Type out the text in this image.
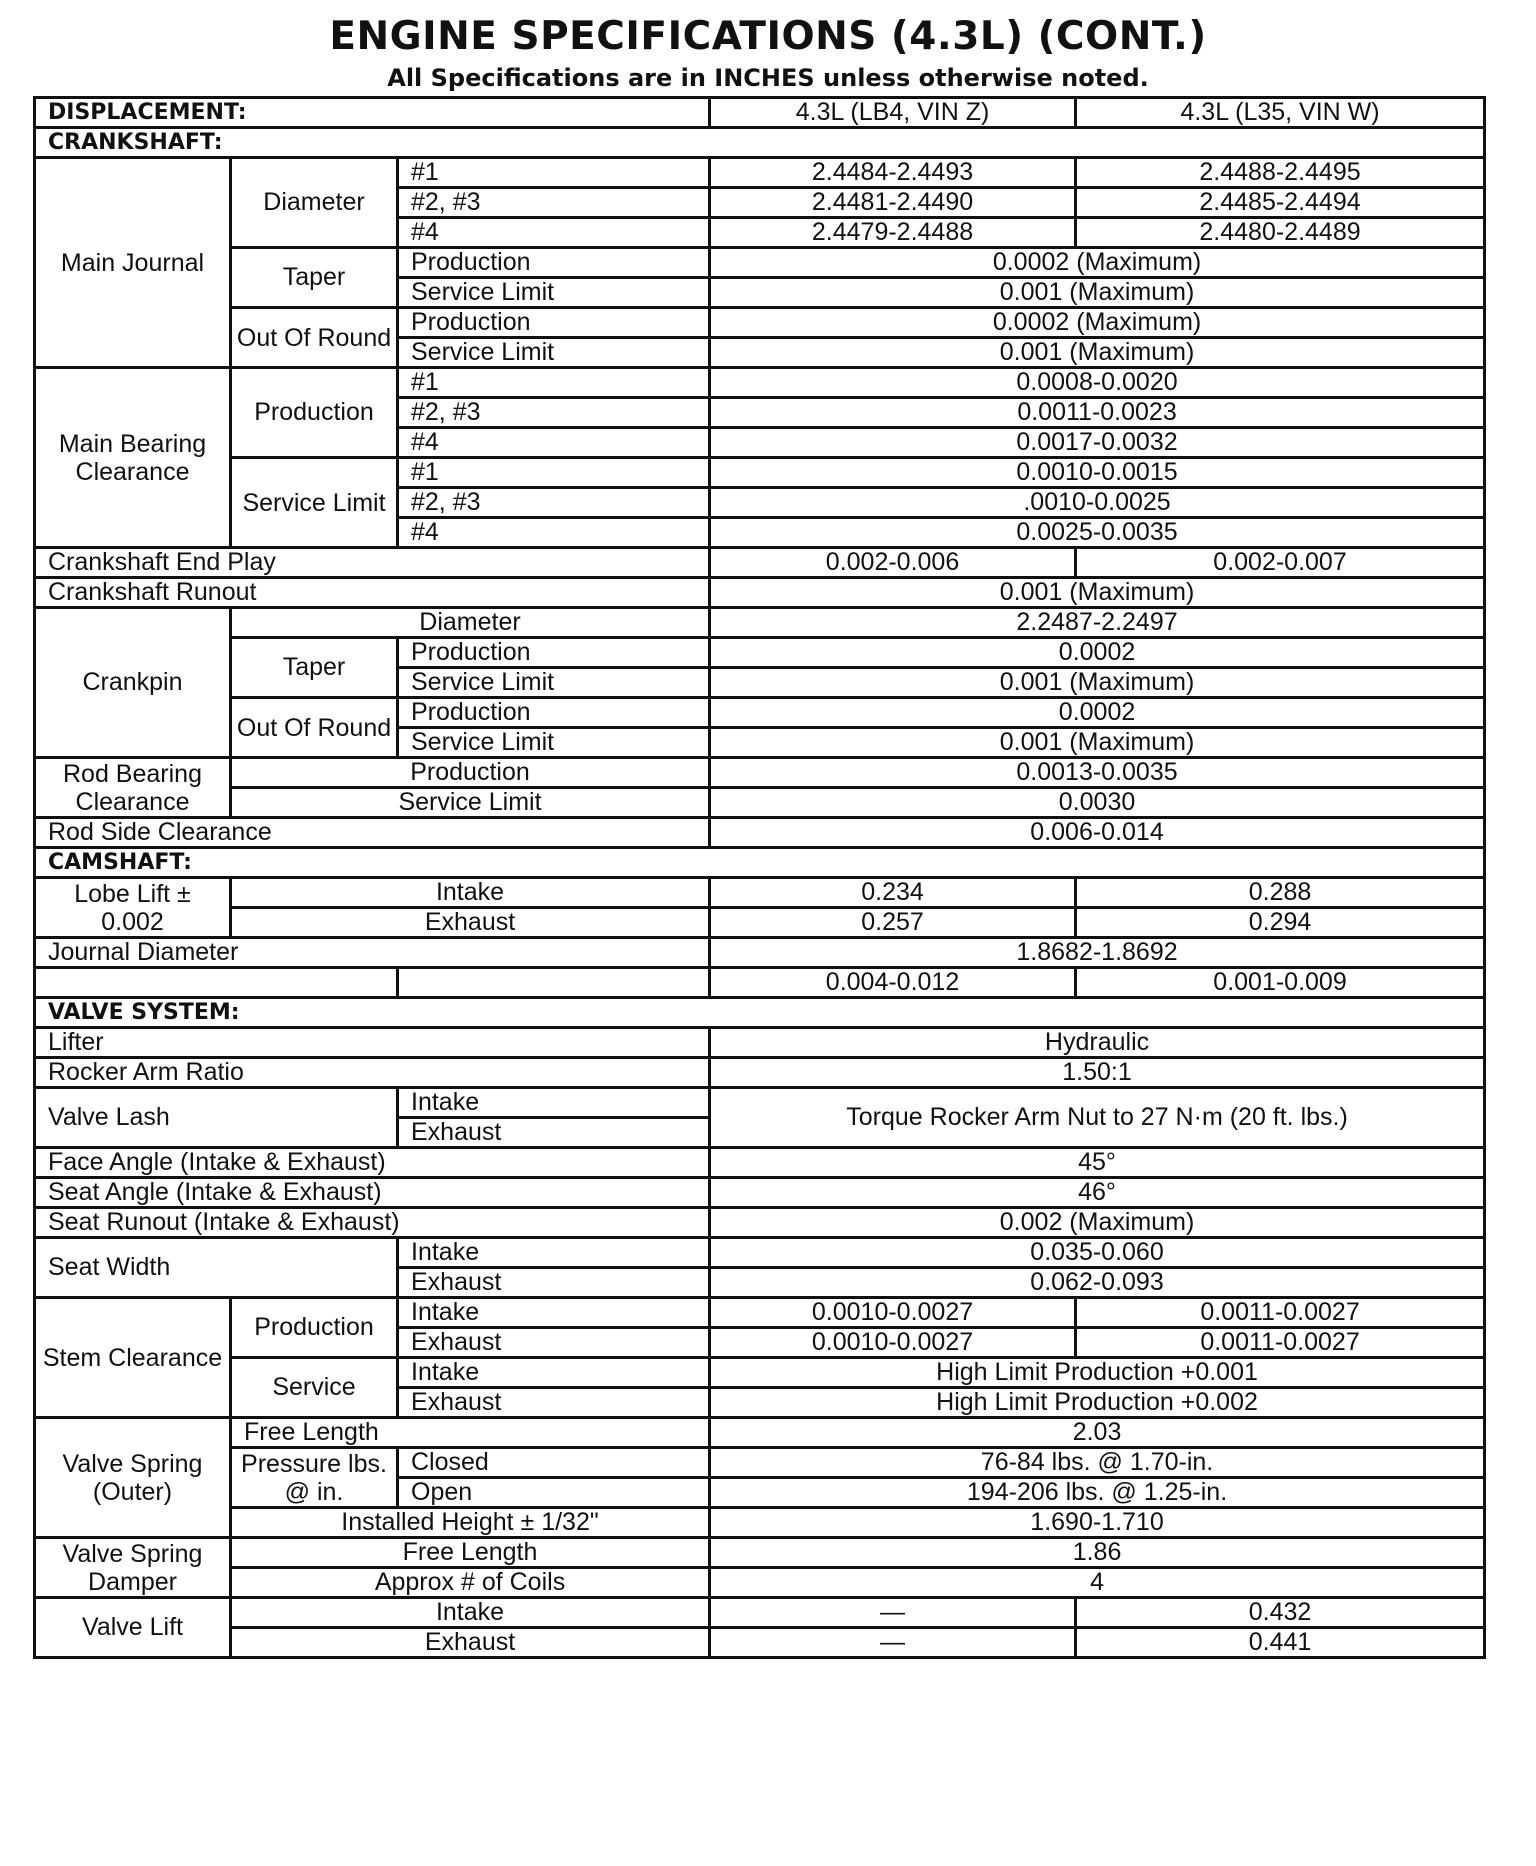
ENGINE SPECIFICATIONS (4.3L) (CONT.)
All Specifications are in INCHES unless otherwise noted.
DISPLACEMENT:			4.3L (LB4, VIN Z)	4.3L (L35, VIN W)
CRANKSHAFT:				
Main Journal	Diameter	#1	2.4484-2.4493	2.4488-2.4495
		#2, #3	2.4481-2.4490	2.4485-2.4494
		#4	2.4479-2.4488	2.4480-2.4489
	Taper	Production	0.0002 (Maximum)	
		Service Limit	0.001 (Maximum)	
	Out Of Round	Production	0.0002 (Maximum)	
		Service Limit	0.001 (Maximum)	
Main Bearing Clearance	Production	#1	0.0008-0.0020	
		#2, #3	0.0011-0.0023	
		#4	0.0017-0.0032	
	Service Limit	#1	0.0010-0.0015	
		#2, #3	.0010-0.0025	
		#4	0.0025-0.0035	
Crankshaft End Play			0.002-0.006	0.002-0.007
Crankshaft Runout			0.001 (Maximum)	
Crankpin	Diameter		2.2487-2.2497	
	Taper	Production	0.0002	
		Service Limit	0.001 (Maximum)	
	Out Of Round	Production	0.0002	
		Service Limit	0.001 (Maximum)	
Rod Bearing Clearance	Production		0.0013-0.0035	
	Service Limit		0.0030	
Rod Side Clearance			0.006-0.014	
CAMSHAFT:				
Lobe Lift ± 0.002	Intake		0.234	0.288
	Exhaust		0.257	0.294
Journal Diameter			1.8682-1.8692	
			0.004-0.012	0.001-0.009
VALVE SYSTEM:				
Lifter			Hydraulic	
Rocker Arm Ratio			1.50:1	
Valve Lash		Intake	Torque Rocker Arm Nut to 27 N·m (20 ft. lbs.)	
		Exhaust		
Face Angle (Intake & Exhaust)			45°	
Seat Angle (Intake & Exhaust)			46°	
Seat Runout (Intake & Exhaust)			0.002 (Maximum)	
Seat Width		Intake	0.035-0.060	
		Exhaust	0.062-0.093	
Stem Clearance	Production	Intake	0.0010-0.0027	0.0011-0.0027
		Exhaust	0.0010-0.0027	0.0011-0.0027
	Service	Intake	High Limit Production +0.001	
		Exhaust	High Limit Production +0.002	
Valve Spring (Outer)	Free Length		2.03	
	Pressure lbs. @ in.	Closed	76-84 lbs. @ 1.70-in.	
		Open	194-206 lbs. @ 1.25-in.	
	Installed Height ± 1/32"		1.690-1.710	
Valve Spring Damper	Free Length		1.86	
	Approx # of Coils		4	
Valve Lift	Intake		—	0.432
	Exhaust		—	0.441
